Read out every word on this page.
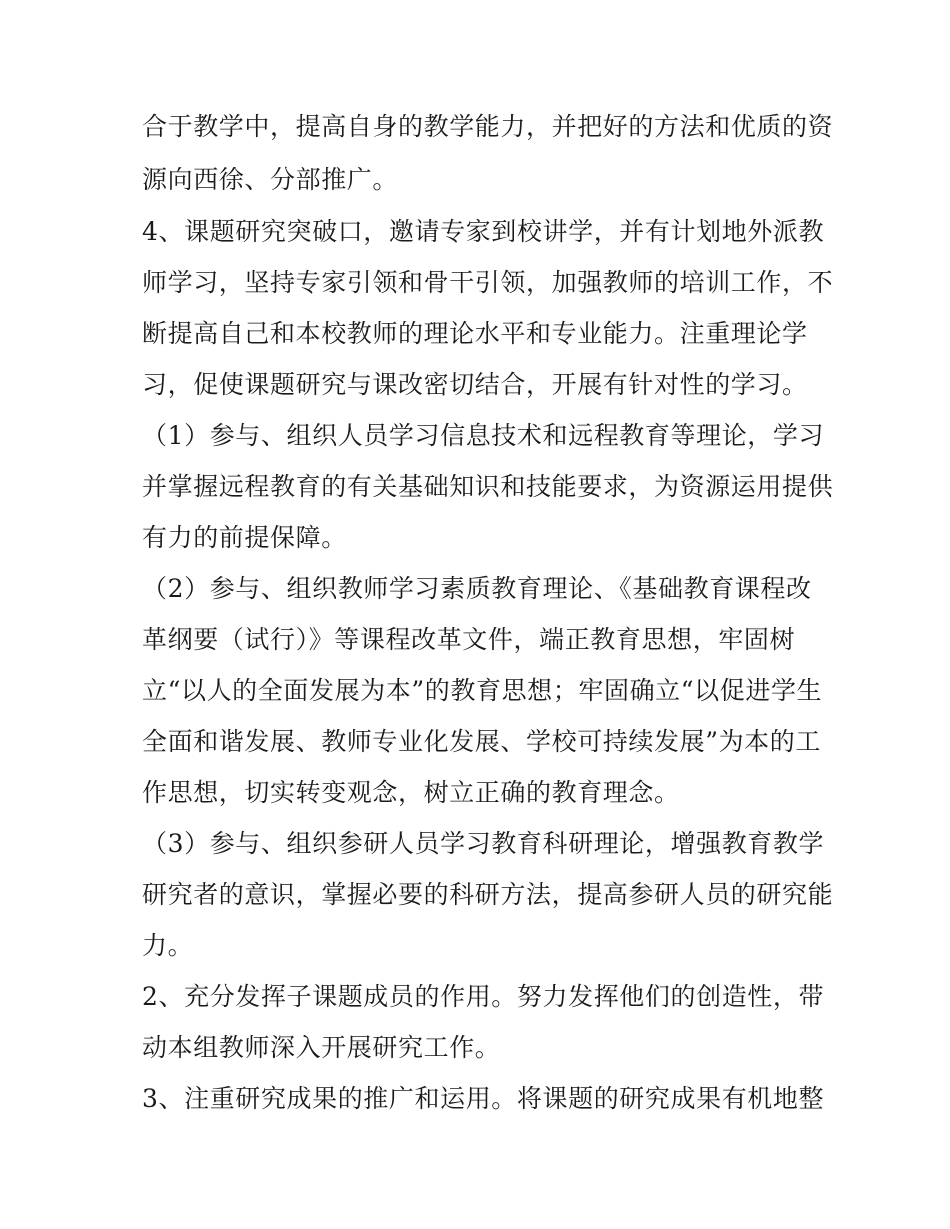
合于教学中，提高自身的教学能力，并把好的方法和优质的资
源向西徐、分部推广。
4、课题研究突破口，邀请专家到校讲学，并有计划地外派教
师学习，坚持专家引领和骨干引领，加强教师的培训工作，不
断提高自己和本校教师的理论水平和专业能力。注重理论学
习，促使课题研究与课改密切结合，开展有针对性的学习。
（1）参与、组织人员学习信息技术和远程教育等理论，学习
并掌握远程教育的有关基础知识和技能要求，为资源运用提供
有力的前提保障。
（2）参与、组织教师学习素质教育理论、《基础教育课程改
革纲要（试行）》等课程改革文件，端正教育思想，牢固树
立“以人的全面发展为本”的教育思想；牢固确立“以促进学生
全面和谐发展、教师专业化发展、学校可持续发展”为本的工
作思想，切实转变观念，树立正确的教育理念。
（3）参与、组织参研人员学习教育科研理论，增强教育教学
研究者的意识，掌握必要的科研方法，提高参研人员的研究能
力。
2、充分发挥子课题成员的作用。努力发挥他们的创造性，带
动本组教师深入开展研究工作。
3、注重研究成果的推广和运用。将课题的研究成果有机地整
